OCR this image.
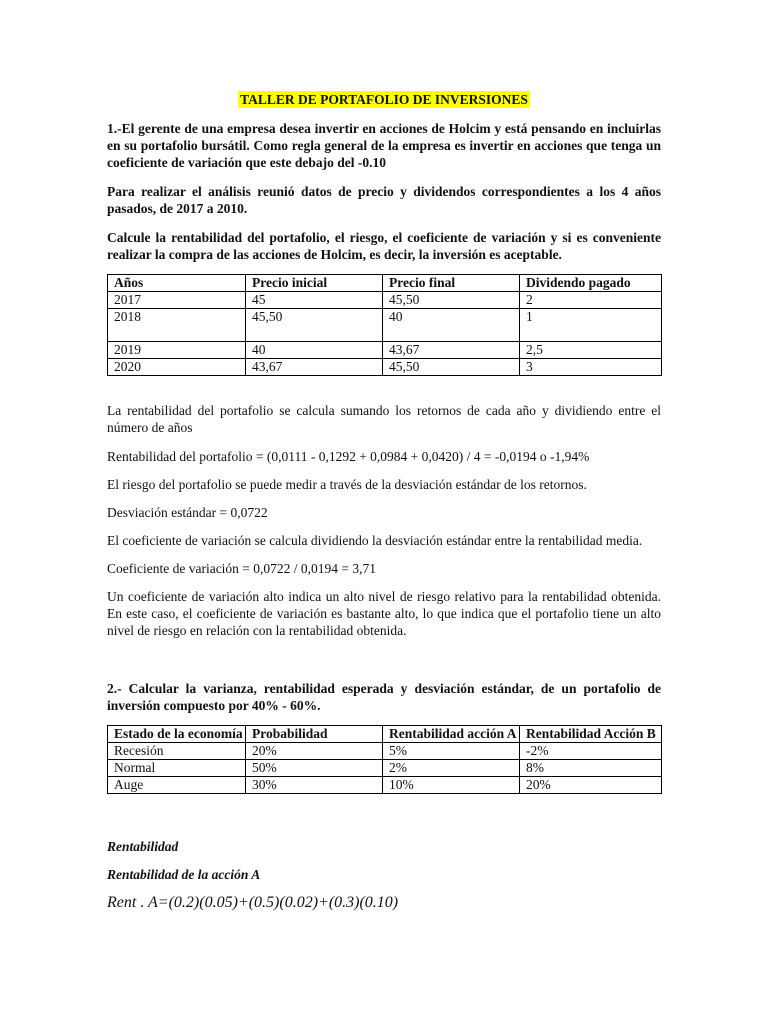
TALLER DE PORTAFOLIO DE INVERSIONES

1.-El gerente de una empresa desea invertir en acciones de Holcim y está pensando en incluirlas en su portafolio bursátil. Como regla general de la empresa es invertir en acciones que tenga un coeficiente de variación que este debajo del -0.10

Para realizar el análisis reunió datos de precio y dividendos correspondientes a los 4 años pasados, de 2017 a 2010.

Calcule la rentabilidad del portafolio, el riesgo, el coeficiente de variación y si es conveniente realizar la compra de las acciones de Holcim, es decir, la inversión es aceptable.

Años	Precio inicial	Precio final	Dividendo pagado
2017	45	45,50	2
2018	45,50	40	1
2019	40	43,67	2,5
2020	43,67	45,50	3

La rentabilidad del portafolio se calcula sumando los retornos de cada año y dividiendo entre el número de años

Rentabilidad del portafolio = (0,0111 - 0,1292 + 0,0984 + 0,0420) / 4 = -0,0194 o -1,94%

El riesgo del portafolio se puede medir a través de la desviación estándar de los retornos.

Desviación estándar = 0,0722

El coeficiente de variación se calcula dividiendo la desviación estándar entre la rentabilidad media.

Coeficiente de variación = 0,0722 / 0,0194 = 3,71

Un coeficiente de variación alto indica un alto nivel de riesgo relativo para la rentabilidad obtenida. En este caso, el coeficiente de variación es bastante alto, lo que indica que el portafolio tiene un alto nivel de riesgo en relación con la rentabilidad obtenida.

2.- Calcular la varianza, rentabilidad esperada y desviación estándar, de un portafolio de inversión compuesto por 40% - 60%.

Estado de la economía	Probabilidad	Rentabilidad acción A	Rentabilidad Acción B
Recesión	20%	5%	-2%
Normal	50%	2%	8%
Auge	30%	10%	20%

Rentabilidad

Rentabilidad de la acción A

Rent . A=(0.2)(0.05)+(0.5)(0.02)+(0.3)(0.10)
